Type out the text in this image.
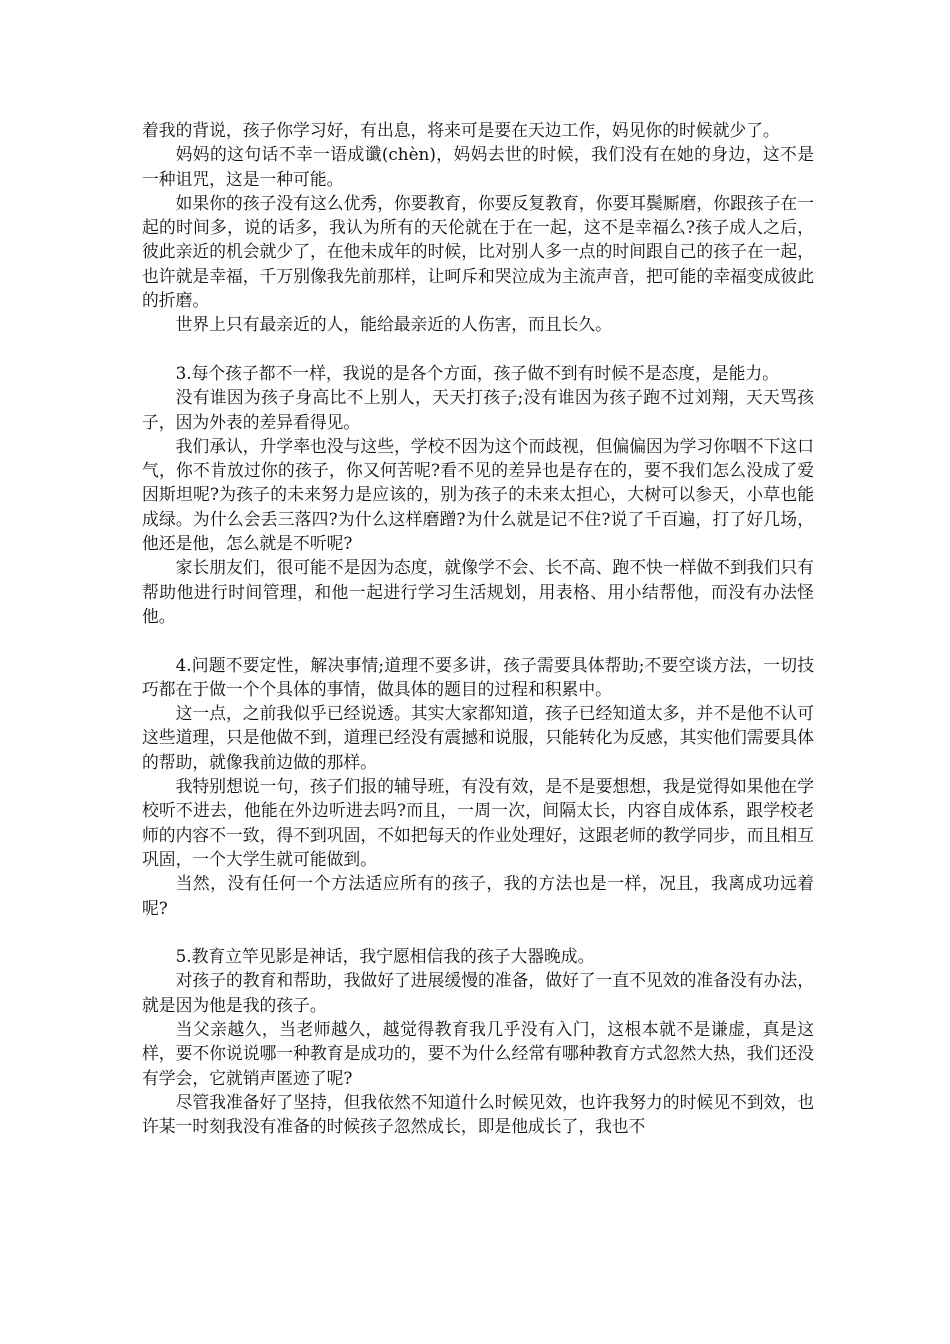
着我的背说，孩子你学习好，有出息，将来可是要在天边工作，妈见你的时候就少了。

妈妈的这句话不幸一语成谶(chèn)，妈妈去世的时候，我们没有在她的身边，这不是一种诅咒，这是一种可能。

如果你的孩子没有这么优秀，你要教育，你要反复教育，你要耳鬓厮磨，你跟孩子在一起的时间多，说的话多，我认为所有的天伦就在于在一起，这不是幸福么?孩子成人之后，彼此亲近的机会就少了，在他未成年的时候，比对别人多一点的时间跟自己的孩子在一起，也许就是幸福，千万别像我先前那样，让呵斥和哭泣成为主流声音，把可能的幸福变成彼此的折磨。

世界上只有最亲近的人，能给最亲近的人伤害，而且长久。

3.每个孩子都不一样，我说的是各个方面，孩子做不到有时候不是态度，是能力。

没有谁因为孩子身高比不上别人，天天打孩子;没有谁因为孩子跑不过刘翔，天天骂孩子，因为外表的差异看得见。

我们承认，升学率也没与这些，学校不因为这个而歧视，但偏偏因为学习你咽不下这口气，你不肯放过你的孩子，你又何苦呢?看不见的差异也是存在的，要不我们怎么没成了爱因斯坦呢?为孩子的未来努力是应该的，别为孩子的未来太担心，大树可以参天，小草也能成绿。为什么会丢三落四?为什么这样磨蹭?为什么就是记不住?说了千百遍，打了好几场，他还是他，怎么就是不听呢?

家长朋友们，很可能不是因为态度，就像学不会、长不高、跑不快一样做不到我们只有帮助他进行时间管理，和他一起进行学习生活规划，用表格、用小结帮他，而没有办法怪他。

4.问题不要定性，解决事情;道理不要多讲，孩子需要具体帮助;不要空谈方法，一切技巧都在于做一个个具体的事情，做具体的题目的过程和积累中。

这一点，之前我似乎已经说透。其实大家都知道，孩子已经知道太多，并不是他不认可这些道理，只是他做不到，道理已经没有震撼和说服，只能转化为反感，其实他们需要具体的帮助，就像我前边做的那样。

我特别想说一句，孩子们报的辅导班，有没有效，是不是要想想，我是觉得如果他在学校听不进去，他能在外边听进去吗?而且，一周一次，间隔太长，内容自成体系，跟学校老师的内容不一致，得不到巩固，不如把每天的作业处理好，这跟老师的教学同步，而且相互巩固，一个大学生就可能做到。

当然，没有任何一个方法适应所有的孩子，我的方法也是一样，况且，我离成功远着呢?

5.教育立竿见影是神话，我宁愿相信我的孩子大器晚成。

对孩子的教育和帮助，我做好了进展缓慢的准备，做好了一直不见效的准备没有办法，就是因为他是我的孩子。

当父亲越久，当老师越久，越觉得教育我几乎没有入门，这根本就不是谦虚，真是这样，要不你说说哪一种教育是成功的，要不为什么经常有哪种教育方式忽然大热，我们还没有学会，它就销声匿迹了呢?

尽管我准备好了坚持，但我依然不知道什么时候见效，也许我努力的时候见不到效，也许某一时刻我没有准备的时候孩子忽然成长，即是他成长了，我也不
